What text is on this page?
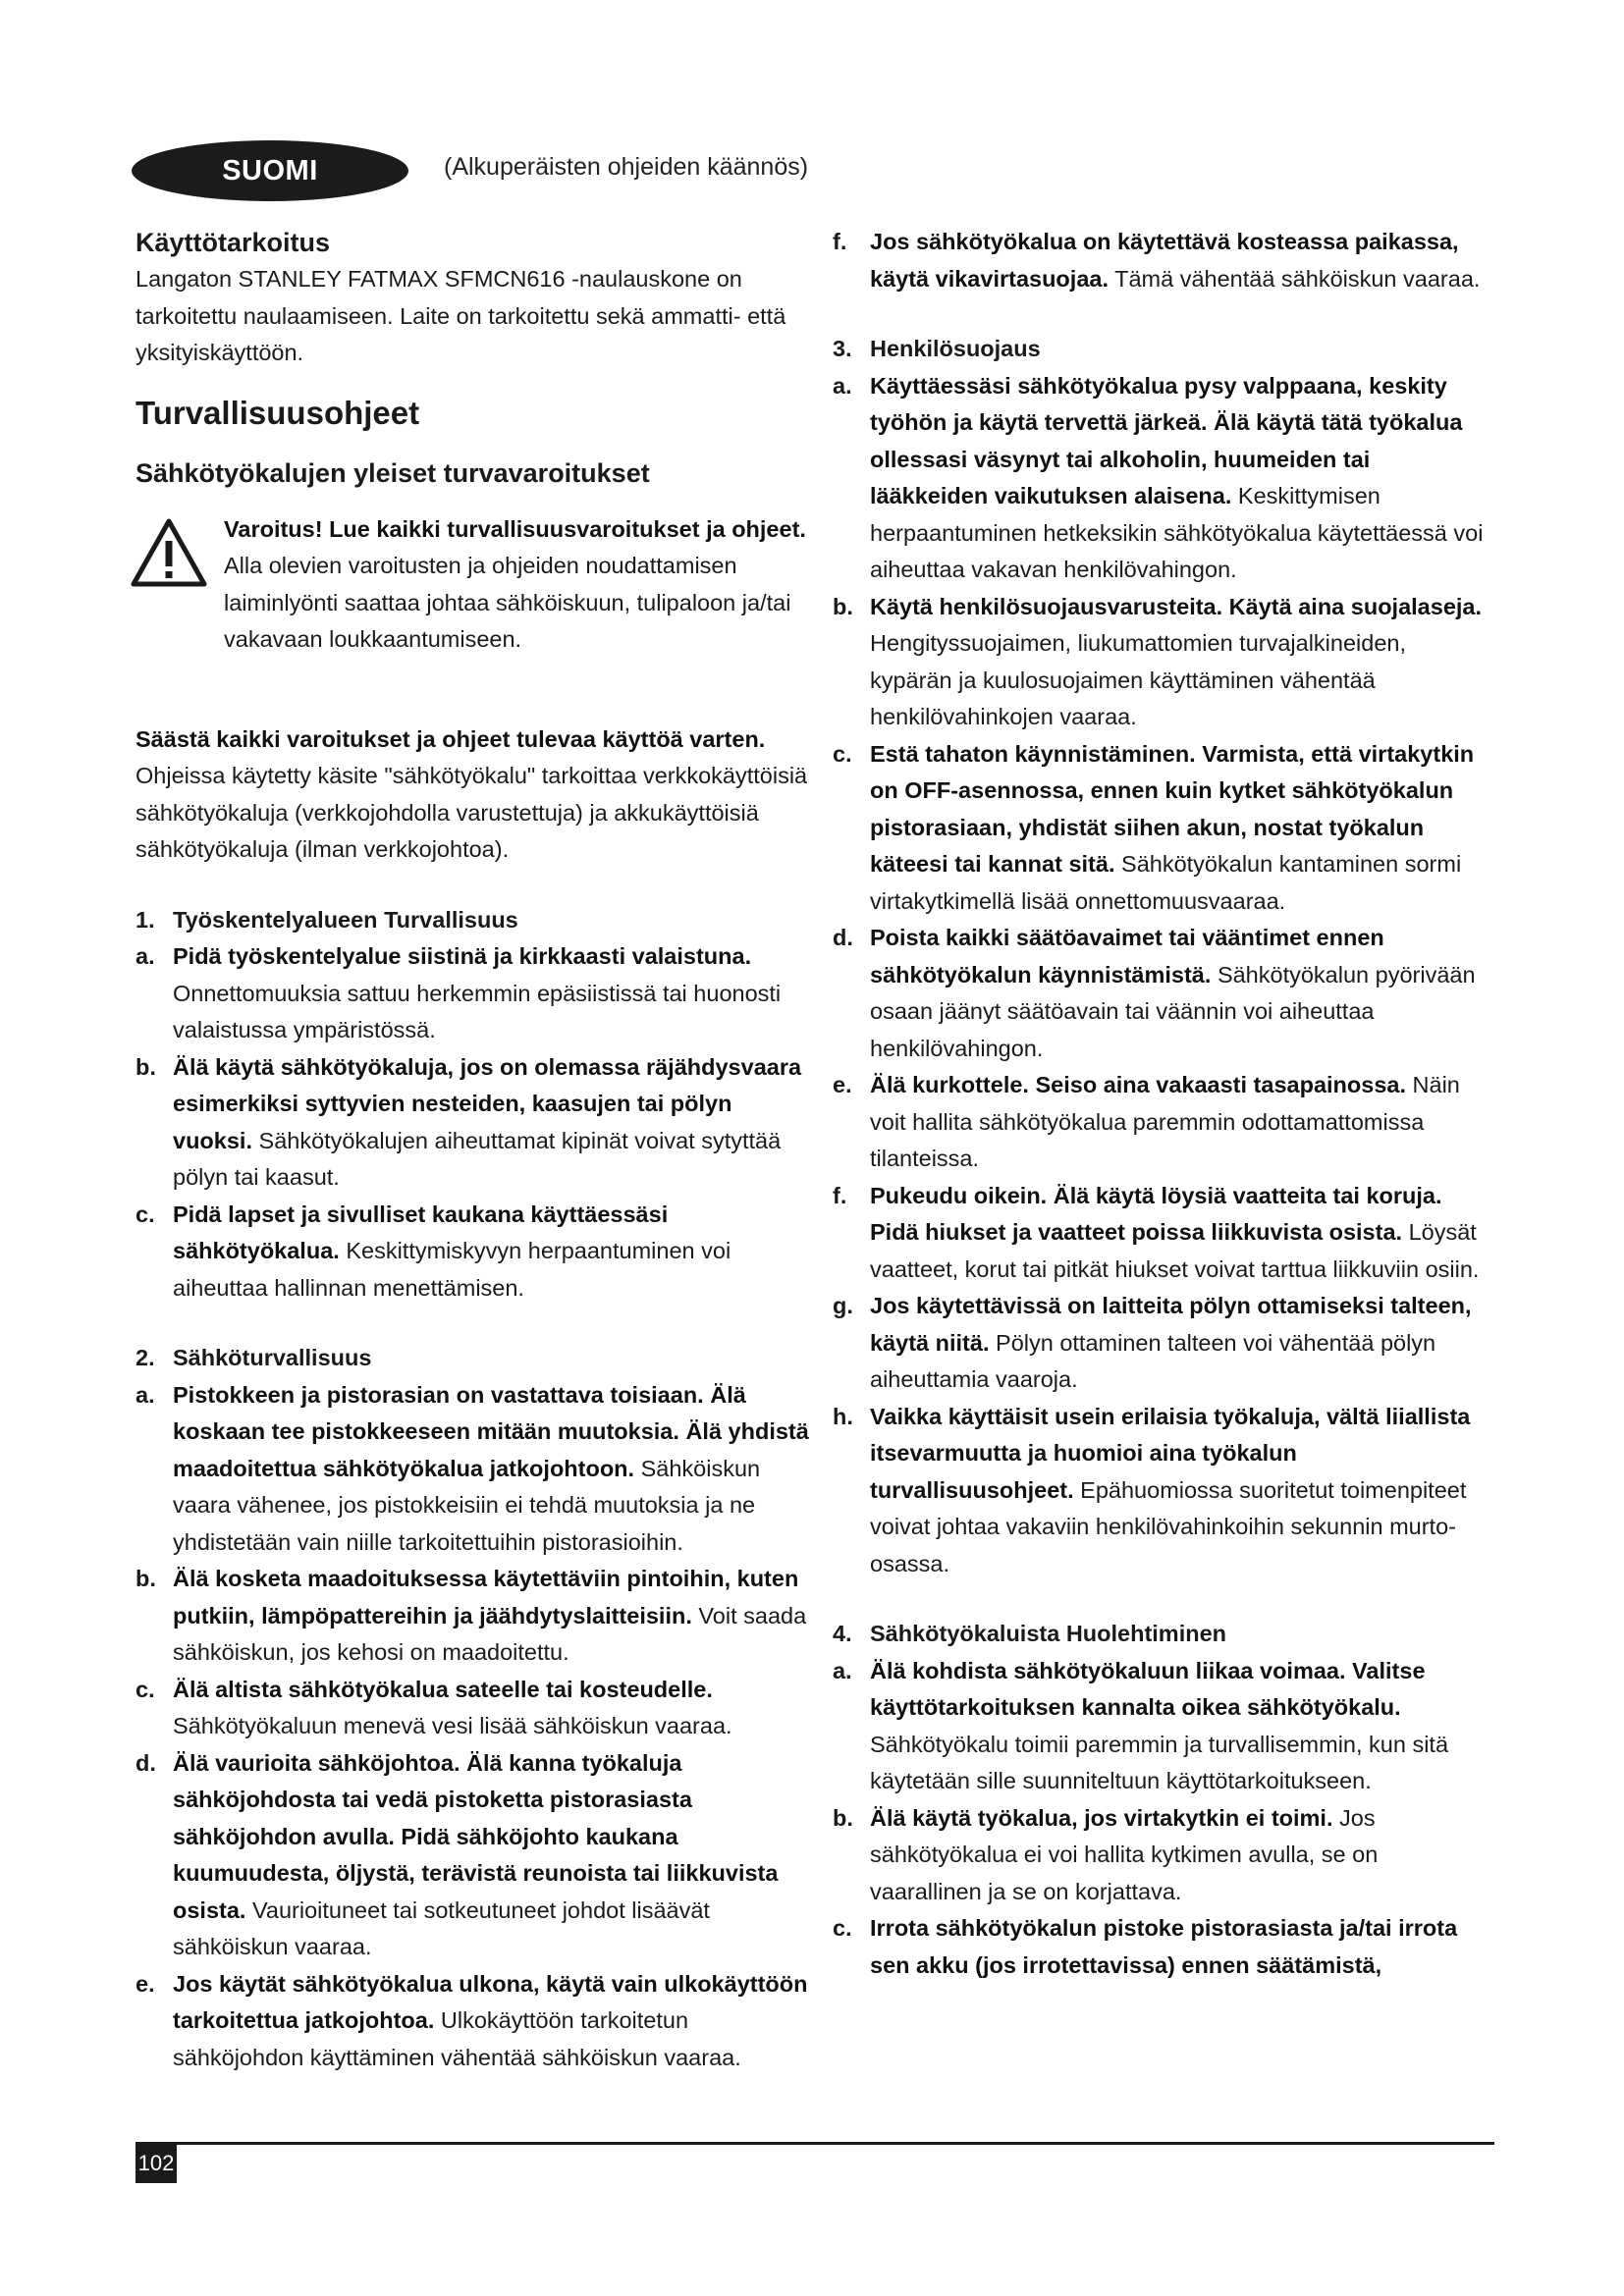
SUOMI	(Alkuperäisten ohjeiden käännös)

Käyttötarkoitus

Langaton STANLEY FATMAX SFMCN616 -naulauskone on tarkoitettu naulaamiseen. Laite on tarkoitettu sekä ammatti- että yksityiskäyttöön.

Turvallisuusohjeet

Sähkötyökalujen yleiset turvavaroitukset

Varoitus! Lue kaikki turvallisuusvaroitukset ja ohjeet. Alla olevien varoitusten ja ohjeiden noudattamisen laiminlyönti saattaa johtaa sähköiskuun, tulipaloon ja/tai vakavaan loukkaantumiseen.

Säästä kaikki varoitukset ja ohjeet tulevaa käyttöä varten. Ohjeissa käytetty käsite "sähkötyökalu" tarkoittaa verkkokäyttöisiä sähkötyökaluja (verkkojohdolla varustettuja) ja akkukäyttöisiä sähkötyökaluja (ilman verkkojohtoa).

1. Työskentelyalueen Turvallisuus

a. Pidä työskentelyalue siistinä ja kirkkaasti valaistuna. Onnettomuuksia sattuu herkemmin epäsiistissä tai huonosti valaistussa ympäristössä.
b. Älä käytä sähkötyökaluja, jos on olemassa räjähdysvaara esimerkiksi syttyvien nesteiden, kaasujen tai pölyn vuoksi. Sähkötyökalujen aiheuttamat kipinät voivat sytyttää pölyn tai kaasut.
c. Pidä lapset ja sivulliset kaukana käyttäessäsi sähkötyökalua. Keskittymiskyvyn herpaantuminen voi aiheuttaa hallinnan menettämisen.

2. Sähköturvallisuus

a. Pistokkeen ja pistorasian on vastattava toisiaan. Älä koskaan tee pistokkeeseen mitään muutoksia. Älä yhdistä maadoitettua sähkötyökalua jatkojohtoon. Sähköiskun vaara vähenee, jos pistokkeisiin ei tehdä muutoksia ja ne yhdistetään vain niille tarkoitettuihin pistorasioihin.
b. Älä kosketa maadoituksessa käytettäviin pintoihin, kuten putkiin, lämpöpattereihin ja jäähdytyslaitteisiin. Voit saada sähköiskun, jos kehosi on maadoitettu.
c. Älä altista sähkötyökalua sateelle tai kosteudelle. Sähkötyökaluun menevä vesi lisää sähköiskun vaaraa.
d. Älä vaurioita sähköjohtoa. Älä kanna työkaluja sähköjohdosta tai vedä pistoketta pistorasiasta sähköjohdon avulla. Pidä sähköjohto kaukana kuumuudesta, öljystä, terävistä reunoista tai liikkuvista osista. Vaurioituneet tai sotkeutuneet johdot lisäävät sähköiskun vaaraa.
e. Jos käytät sähkötyökalua ulkona, käytä vain ulkokäyttöön tarkoitettua jatkojohtoa. Ulkokäyttöön tarkoitetun sähköjohdon käyttäminen vähentää sähköiskun vaaraa.
f. Jos sähkötyökalua on käytettävä kosteassa paikassa, käytä vikavirtasuojaa. Tämä vähentää sähköiskun vaaraa.

3. Henkilösuojaus

a. Käyttäessäsi sähkötyökalua pysy valppaana, keskity työhön ja käytä tervettä järkeä. Älä käytä tätä työkalua ollessasi väsynyt tai alkoholin, huumeiden tai lääkkeiden vaikutuksen alaisena. Keskittymisen herpaantuminen hetkeksikin sähkötyökalua käytettäessä voi aiheuttaa vakavan henkilövahingon.
b. Käytä henkilösuojausvarusteita. Käytä aina suojalaseja. Hengityssuojaimen, liukumattomien turvajalkineiden, kypärän ja kuulosuojaimen käyttäminen vähentää henkilövahinkojen vaaraa.
c. Estä tahaton käynnistäminen. Varmista, että virtakytkin on OFF-asennossa, ennen kuin kytket sähkötyökalun pistorasiaan, yhdistät siihen akun, nostat työkalun käteesi tai kannat sitä. Sähkötyökalun kantaminen sormi virtakytkimellä lisää onnettomuusvaaraa.
d. Poista kaikki säätöavaimet tai vääntimet ennen sähkötyökalun käynnistämistä. Sähkötyökalun pyörivään osaan jäänyt säätöavain tai väännin voi aiheuttaa henkilövahingon.
e. Älä kurkottele. Seiso aina vakaasti tasapainossa. Näin voit hallita sähkötyökalua paremmin odottamattomissa tilanteissa.
f. Pukeudu oikein. Älä käytä löysiä vaatteita tai koruja. Pidä hiukset ja vaatteet poissa liikkuvista osista. Löysät vaatteet, korut tai pitkät hiukset voivat tarttua liikkuviin osiin.
g. Jos käytettävissä on laitteita pölyn ottamiseksi talteen, käytä niitä. Pölyn ottaminen talteen voi vähentää pölyn aiheuttamia vaaroja.
h. Vaikka käyttäisit usein erilaisia työkaluja, vältä liiallista itsevarmuutta ja huomioi aina työkalun turvallisuusohjeet. Epähuomiossa suoritetut toimenpiteet voivat johtaa vakaviin henkilövahinkoihin sekunnin murto-osassa.

4. Sähkötyökaluista Huolehtiminen

a. Älä kohdista sähkötyökaluun liikaa voimaa. Valitse käyttötarkoituksen kannalta oikea sähkötyökalu. Sähkötyökalu toimii paremmin ja turvallisemmin, kun sitä käytetään sille suunniteltuun käyttötarkoitukseen.
b. Älä käytä työkalua, jos virtakytkin ei toimi. Jos sähkötyökalua ei voi hallita kytkimen avulla, se on vaarallinen ja se on korjattava.
c. Irrota sähkötyökalun pistoke pistorasiasta ja/tai irrota sen akku (jos irrotettavissa) ennen säätämistä,
102
